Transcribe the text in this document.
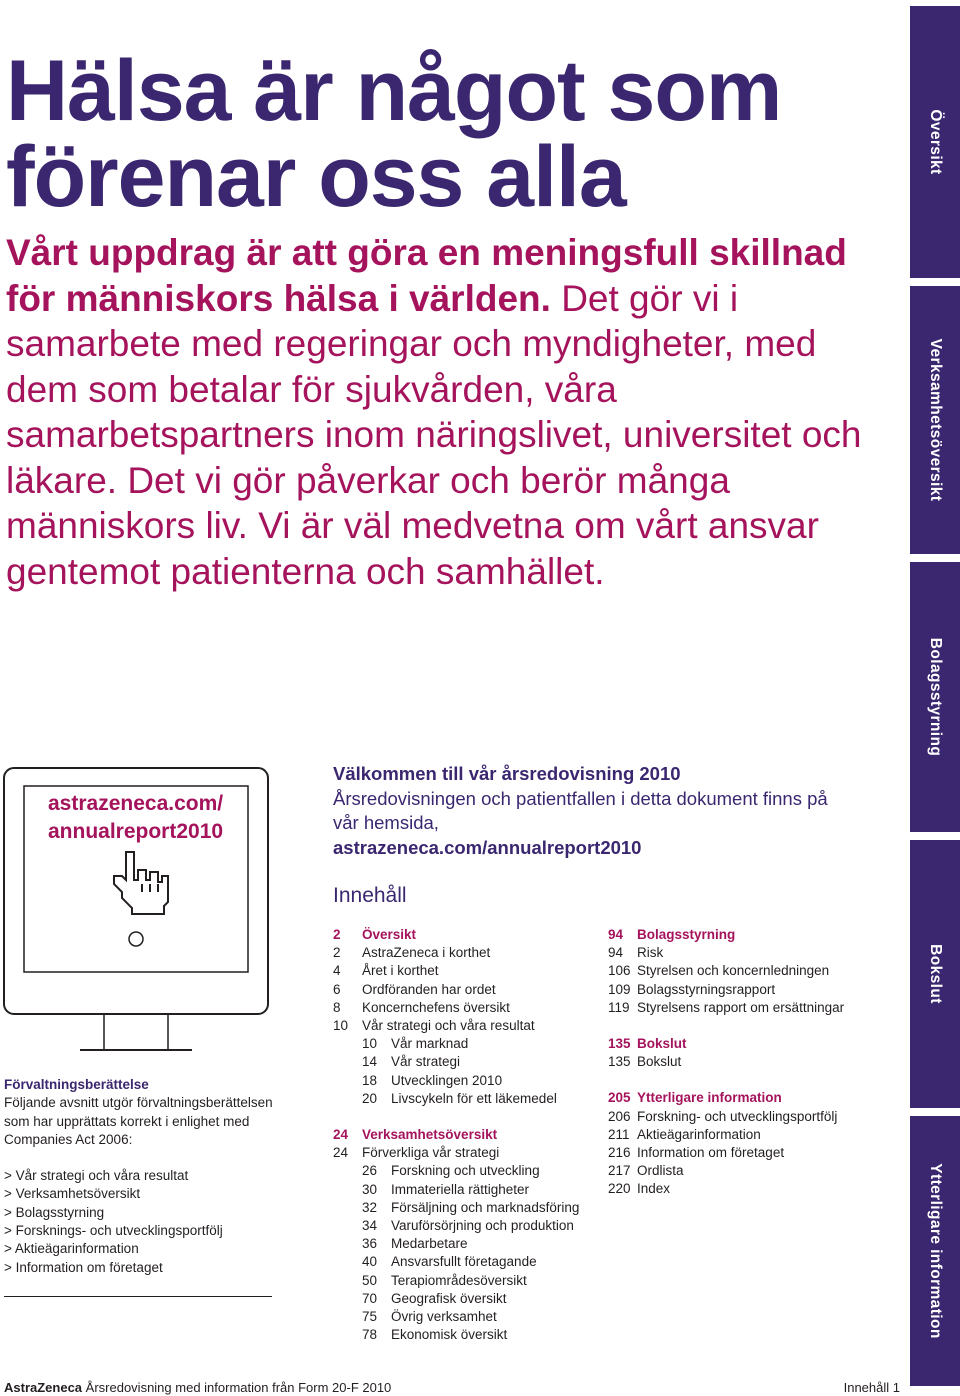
Hälsa är något som
förenar oss alla
Vårt uppdrag är att göra en meningsfull skillnad för människors hälsa i världen. Det gör vi i samarbete med regeringar och myndigheter, med dem som betalar för sjukvården, våra samarbetspartners inom näringslivet, universitet och läkare. Det vi gör påverkar och berör många människors liv. Vi är väl medvetna om vårt ansvar gentemot patienterna och samhället.
astrazeneca.com/
annualreport2010
Förvaltningsberättelse
Följande avsnitt utgör förvaltningsberättelsen som har upprättats korrekt i enlighet med Companies Act 2006:
> Vår strategi och våra resultat
> Verksamhetsöversikt
> Bolagsstyrning
> Forsknings- och utvecklingsportfölj
> Aktieägarinformation
> Information om företaget
Välkommen till vår årsredovisning 2010
Årsredovisningen och patientfallen i detta dokument finns på vår hemsida,
astrazeneca.com/annualreport2010
Innehåll
2	Översikt
2	AstraZeneca i korthet
4	Året i korthet
6	Ordföranden har ordet
8	Koncernchefens översikt
10	Vår strategi och våra resultat
10	Vår marknad
14	Vår strategi
18	Utvecklingen 2010
20	Livscykeln för ett läkemedel
24	Verksamhetsöversikt
24	Förverkliga vår strategi
26	Forskning och utveckling
30	Immateriella rättigheter
32	Försäljning och marknadsföring
34	Varuförsörjning och produktion
36	Medarbetare
40	Ansvarsfullt företagande
50	Terapiområdesöversikt
70	Geografisk översikt
75	Övrig verksamhet
78	Ekonomisk översikt
94	Bolagsstyrning
94	Risk
106 Styrelsen och koncernledningen
109 Bolagsstyrningsrapport
119 Styrelsens rapport om ersättningar
135 Bokslut
135 Bokslut
205 Ytterligare information
206 Forskning- och utvecklingsportfölj
211 Aktieägarinformation
216 Information om företaget
217 Ordlista
220 Index
Översikt
Verksamhetsöversikt
Bolagsstyrning
Bokslut
Ytterligare information
AstraZeneca Årsredovisning med information från Form 20-F 2010	Innehåll 1
